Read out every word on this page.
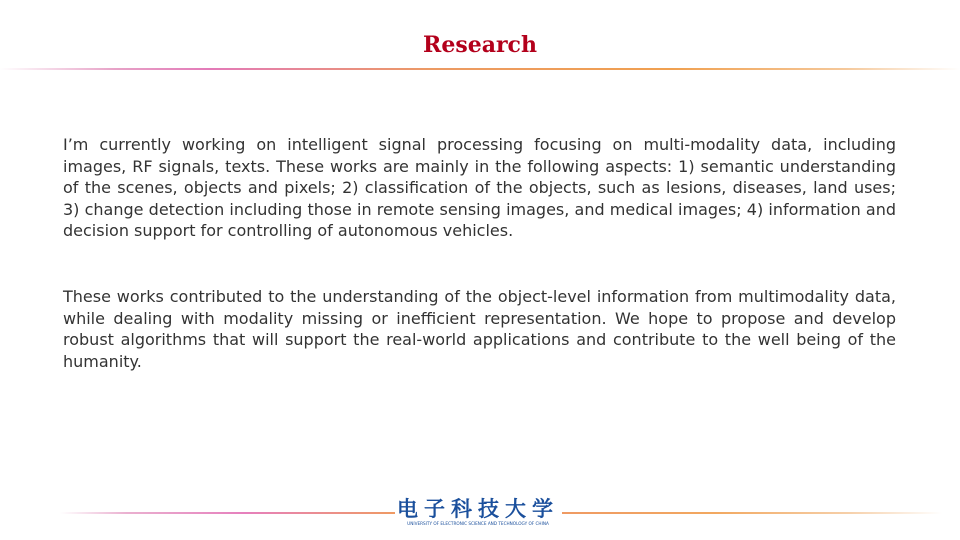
Research

I’m currently working on intelligent signal processing focusing on multi-modality data, including images, RF signals, texts. These works are mainly in the following aspects: 1) semantic understanding of the scenes, objects and pixels; 2) classification of the objects, such as lesions, diseases, land uses; 3) change detection including those in remote sensing images, and medical images; 4) information and decision support for controlling of autonomous vehicles.

These works contributed to the understanding of the object-level information from multimodality data, while dealing with modality missing or inefficient representation. We hope to propose and develop robust algorithms that will support the real-world applications and contribute to the well being of the humanity.

电子科技大学
UNIVERSITY OF ELECTRONIC SCIENCE AND TECHNOLOGY OF CHINA
